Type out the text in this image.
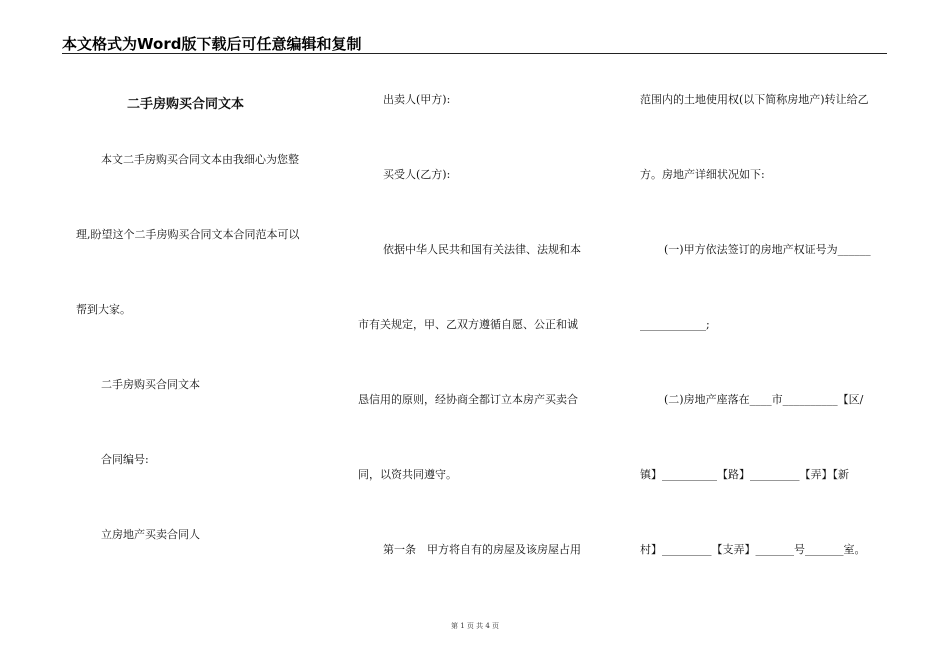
本文格式为Word版下载后可任意编辑和复制
二手房购买合同文本
本文二手房购买合同文本由我细心为您整
理,盼望这个二手房购买合同文本合同范本可以
帮到大家。
二手房购买合同文本
合同编号:
立房地产买卖合同人
出卖人(甲方):
买受人(乙方):
依据中华人民共和国有关法律、法规和本
市有关规定，甲、乙双方遵循自愿、公正和诚
恳信用的原则，经协商全都订立本房产买卖合
同，以资共同遵守。
第一条　甲方将自有的房屋及该房屋占用
范围内的土地使用权(以下简称房地产)转让给乙
方。房地产详细状况如下:
(一)甲方依法签订的房地产权证号为______
____________;
(二)房地产座落在____市__________【区/
镇】__________【路】_________【弄】【新
村】_________【支弄】_______号_______室。
第 1 页 共 4 页
